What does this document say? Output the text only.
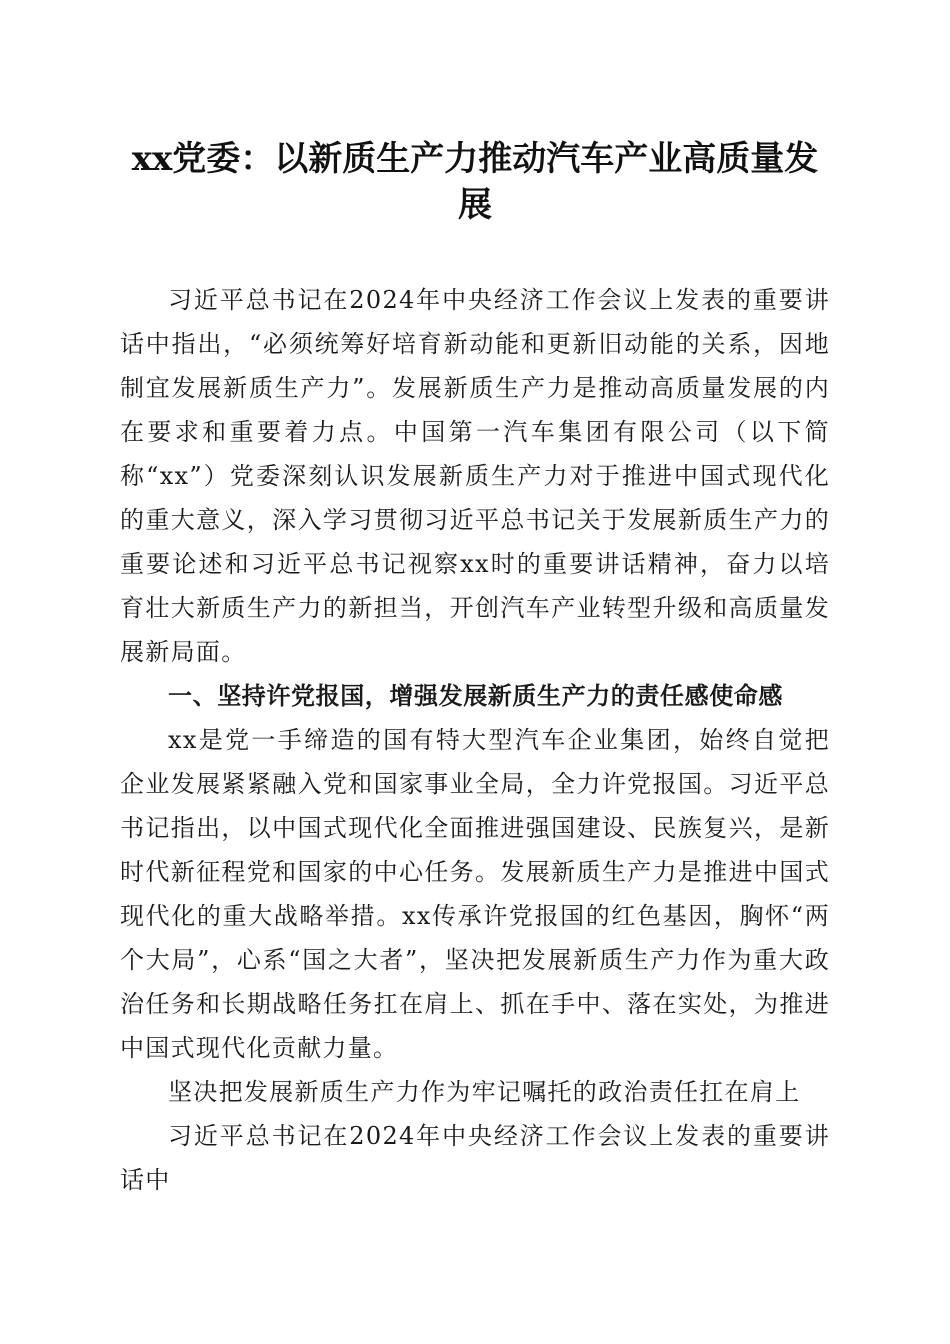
xx党委：以新质生产力推动汽车产业高质量发展

习近平总书记在2024年中央经济工作会议上发表的重要讲话中指出，“必须统筹好培育新动能和更新旧动能的关系，因地制宜发展新质生产力”。发展新质生产力是推动高质量发展的内在要求和重要着力点。中国第一汽车集团有限公司（以下简称“xx”）党委深刻认识发展新质生产力对于推进中国式现代化的重大意义，深入学习贯彻习近平总书记关于发展新质生产力的重要论述和习近平总书记视察xx时的重要讲话精神，奋力以培育壮大新质生产力的新担当，开创汽车产业转型升级和高质量发展新局面。

一、坚持许党报国，增强发展新质生产力的责任感使命感

xx是党一手缔造的国有特大型汽车企业集团，始终自觉把企业发展紧紧融入党和国家事业全局，全力许党报国。习近平总书记指出，以中国式现代化全面推进强国建设、民族复兴，是新时代新征程党和国家的中心任务。发展新质生产力是推进中国式现代化的重大战略举措。xx传承许党报国的红色基因，胸怀“两个大局”，心系“国之大者”，坚决把发展新质生产力作为重大政治任务和长期战略任务扛在肩上、抓在手中、落在实处，为推进中国式现代化贡献力量。

坚决把发展新质生产力作为牢记嘱托的政治责任扛在肩上

习近平总书记在2024年中央经济工作会议上发表的重要讲话中
